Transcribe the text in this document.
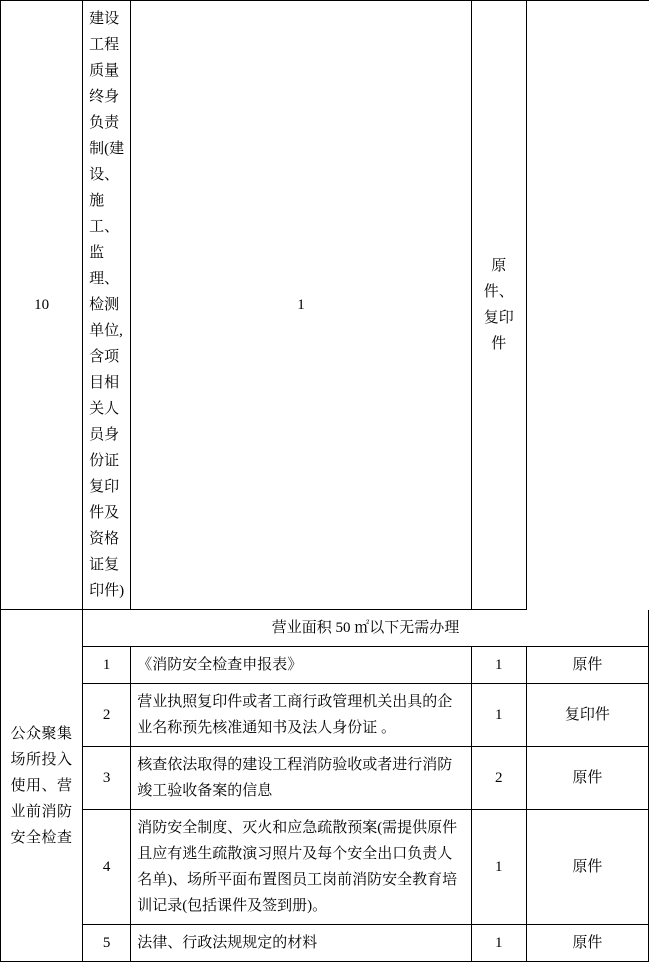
10	建设工程质量终身负责制(建设、施工、监理、检测单位,含项目相关人员身份证复印件及资格证复印件)	1	原件、复印件	
公众聚集场所投入使用、营业前消防安全检查	营业面积 50 ㎡以下无需办理			
	1	《消防安全检查申报表》	1	原件
	2	营业执照复印件或者工商行政管理机关出具的企业名称预先核准通知书及法人身份证 。	1	复印件
	3	核查依法取得的建设工程消防验收或者进行消防竣工验收备案的信息	2	原件
	4	消防安全制度、灭火和应急疏散预案(需提供原件且应有逃生疏散演习照片及每个安全出口负责人名单)、场所平面布置图员工岗前消防安全教育培训记录(包括课件及签到册)。	1	原件
	5	法律、行政法规规定的材料	1	原件
